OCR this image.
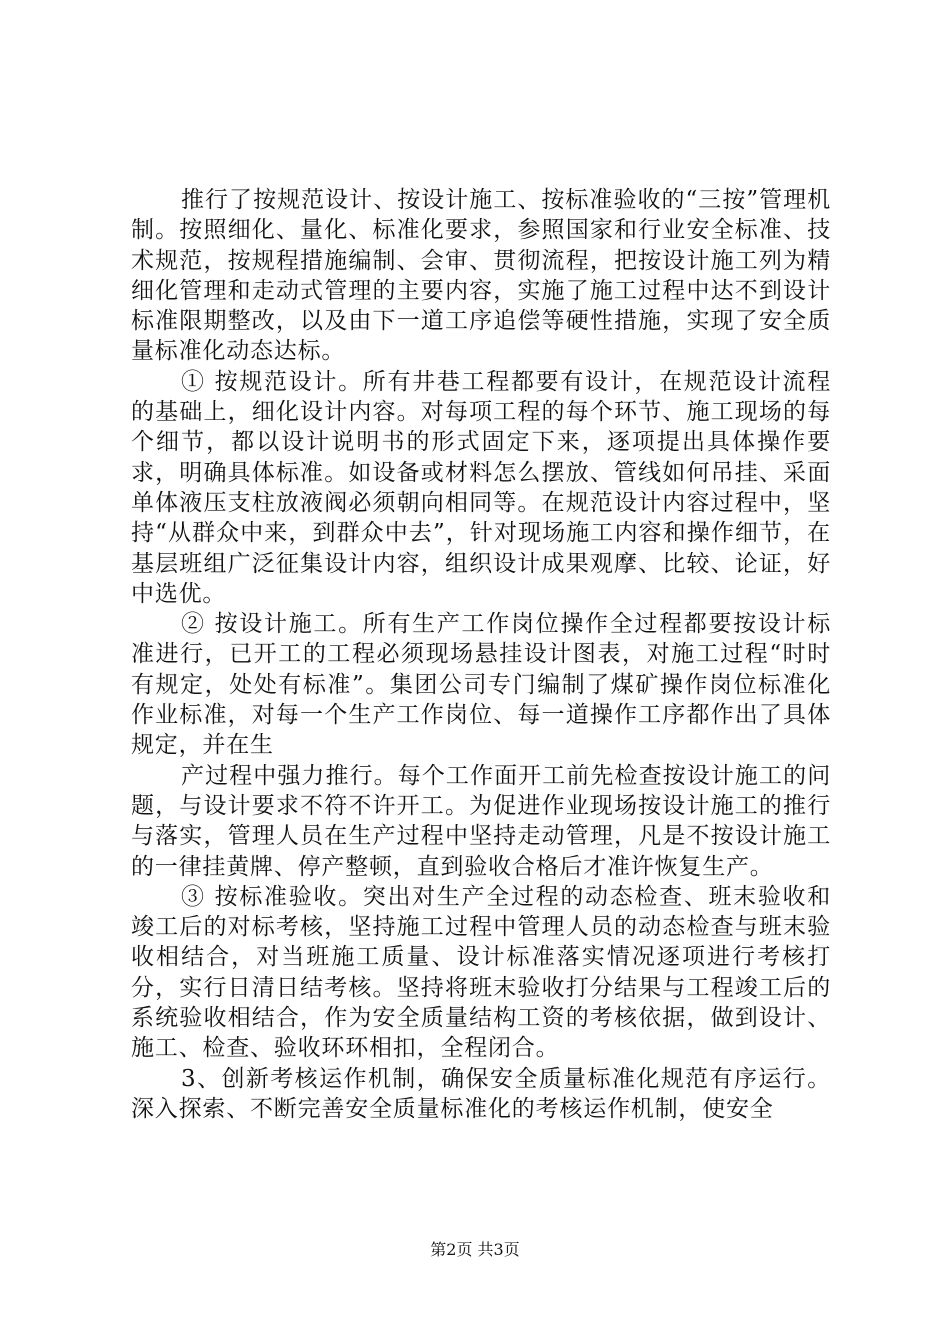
推行了按规范设计、按设计施工、按标准验收的“三按”管理机制。按照细化、量化、标准化要求，参照国家和行业安全标准、技术规范，按规程措施编制、会审、贯彻流程，把按设计施工列为精细化管理和走动式管理的主要内容，实施了施工过程中达不到设计标准限期整改，以及由下一道工序追偿等硬性措施，实现了安全质量标准化动态达标。

① 按规范设计。所有井巷工程都要有设计，在规范设计流程的基础上，细化设计内容。对每项工程的每个环节、施工现场的每个细节，都以设计说明书的形式固定下来，逐项提出具体操作要求，明确具体标准。如设备或材料怎么摆放、管线如何吊挂、采面单体液压支柱放液阀必须朝向相同等。在规范设计内容过程中，坚持“从群众中来，到群众中去”，针对现场施工内容和操作细节，在基层班组广泛征集设计内容，组织设计成果观摩、比较、论证，好中选优。

② 按设计施工。所有生产工作岗位操作全过程都要按设计标准进行，已开工的工程必须现场悬挂设计图表，对施工过程“时时有规定，处处有标准”。集团公司专门编制了煤矿操作岗位标准化作业标准，对每一个生产工作岗位、每一道操作工序都作出了具体规定，并在生

产过程中强力推行。每个工作面开工前先检查按设计施工的问题，与设计要求不符不许开工。为促进作业现场按设计施工的推行与落实，管理人员在生产过程中坚持走动管理，凡是不按设计施工的一律挂黄牌、停产整顿，直到验收合格后才准许恢复生产。

③ 按标准验收。突出对生产全过程的动态检查、班末验收和竣工后的对标考核，坚持施工过程中管理人员的动态检查与班末验收相结合，对当班施工质量、设计标准落实情况逐项进行考核打分，实行日清日结考核。坚持将班末验收打分结果与工程竣工后的系统验收相结合，作为安全质量结构工资的考核依据，做到设计、施工、检查、验收环环相扣，全程闭合。

3、创新考核运作机制，确保安全质量标准化规范有序运行。深入探索、不断完善安全质量标准化的考核运作机制，使安全

第2页 共3页
